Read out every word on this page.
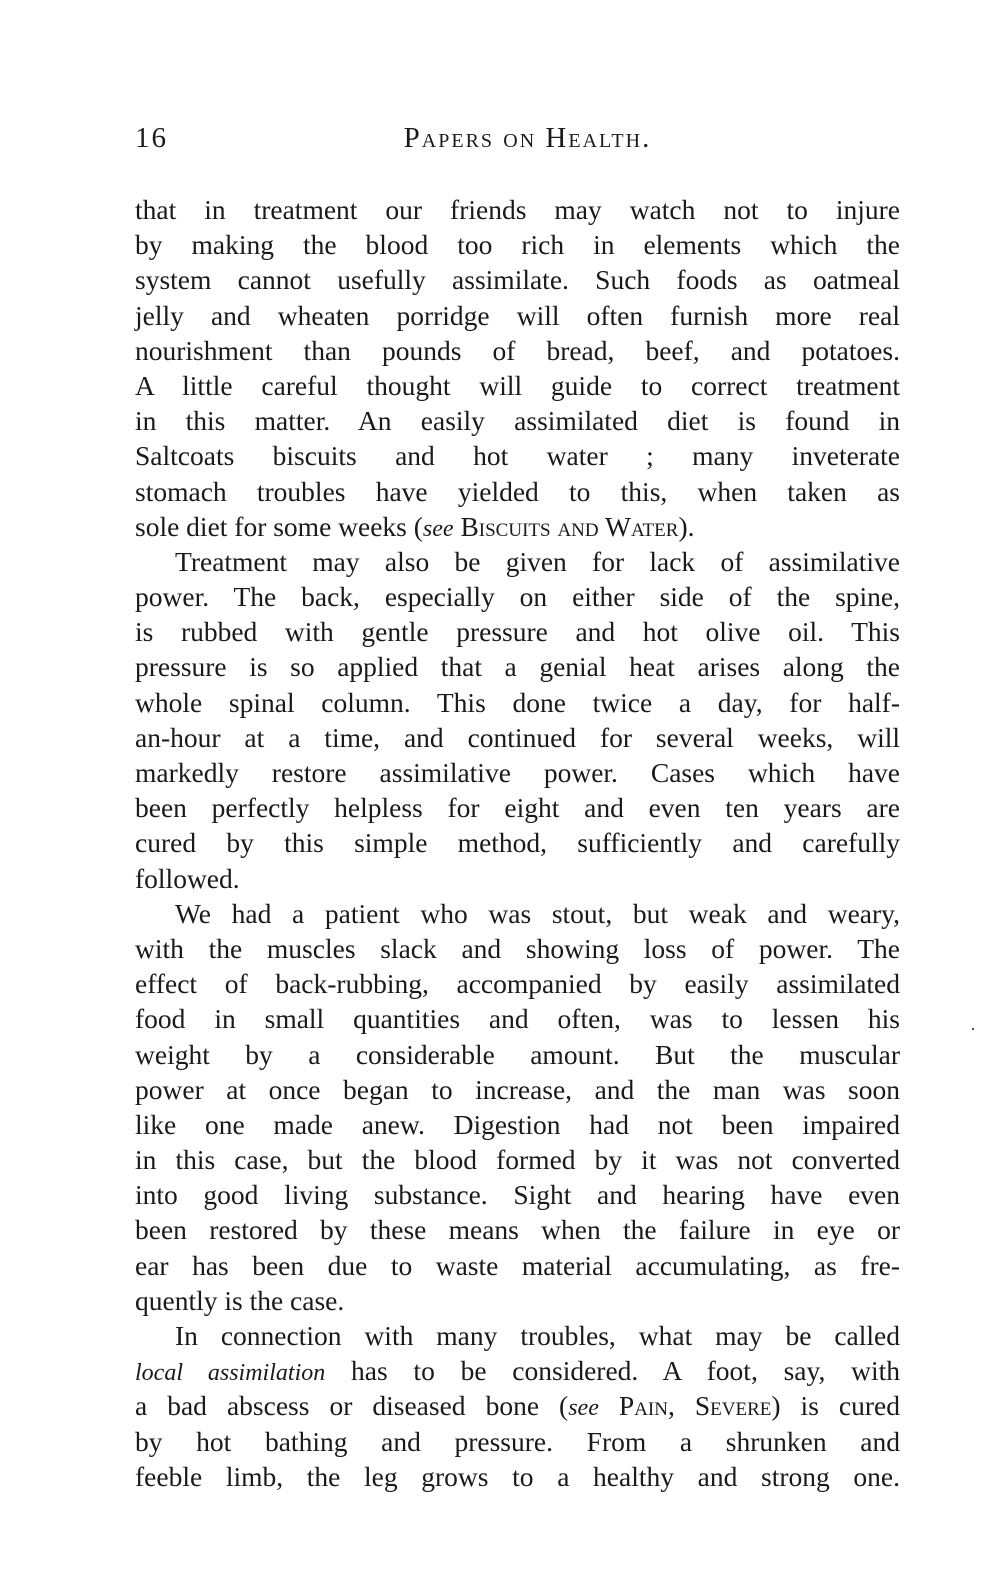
16	Papers on Health.
that in treatment our friends may watch not to injure
by making the blood too rich in elements which the
system cannot usefully assimilate. Such foods as oatmeal
jelly and wheaten porridge will often furnish more real
nourishment than pounds of bread, beef, and potatoes.
A little careful thought will guide to correct treatment
in this matter. An easily assimilated diet is found in
Saltcoats biscuits and hot water ; many inveterate
stomach troubles have yielded to this, when taken as
sole diet for some weeks (see Biscuits and Water).
Treatment may also be given for lack of assimilative
power. The back, especially on either side of the spine,
is rubbed with gentle pressure and hot olive oil. This
pressure is so applied that a genial heat arises along the
whole spinal column. This done twice a day, for half-
an-hour at a time, and continued for several weeks, will
markedly restore assimilative power. Cases which have
been perfectly helpless for eight and even ten years are
cured by this simple method, sufficiently and carefully
followed.
We had a patient who was stout, but weak and weary,
with the muscles slack and showing loss of power. The
effect of back-rubbing, accompanied by easily assimilated
food in small quantities and often, was to lessen his
weight by a considerable amount. But the muscular
power at once began to increase, and the man was soon
like one made anew. Digestion had not been impaired
in this case, but the blood formed by it was not converted
into good living substance. Sight and hearing have even
been restored by these means when the failure in eye or
ear has been due to waste material accumulating, as fre-
quently is the case.
In connection with many troubles, what may be called
local assimilation has to be considered. A foot, say, with
a bad abscess or diseased bone (see Pain, Severe) is cured
by hot bathing and pressure. From a shrunken and
feeble limb, the leg grows to a healthy and strong one.
